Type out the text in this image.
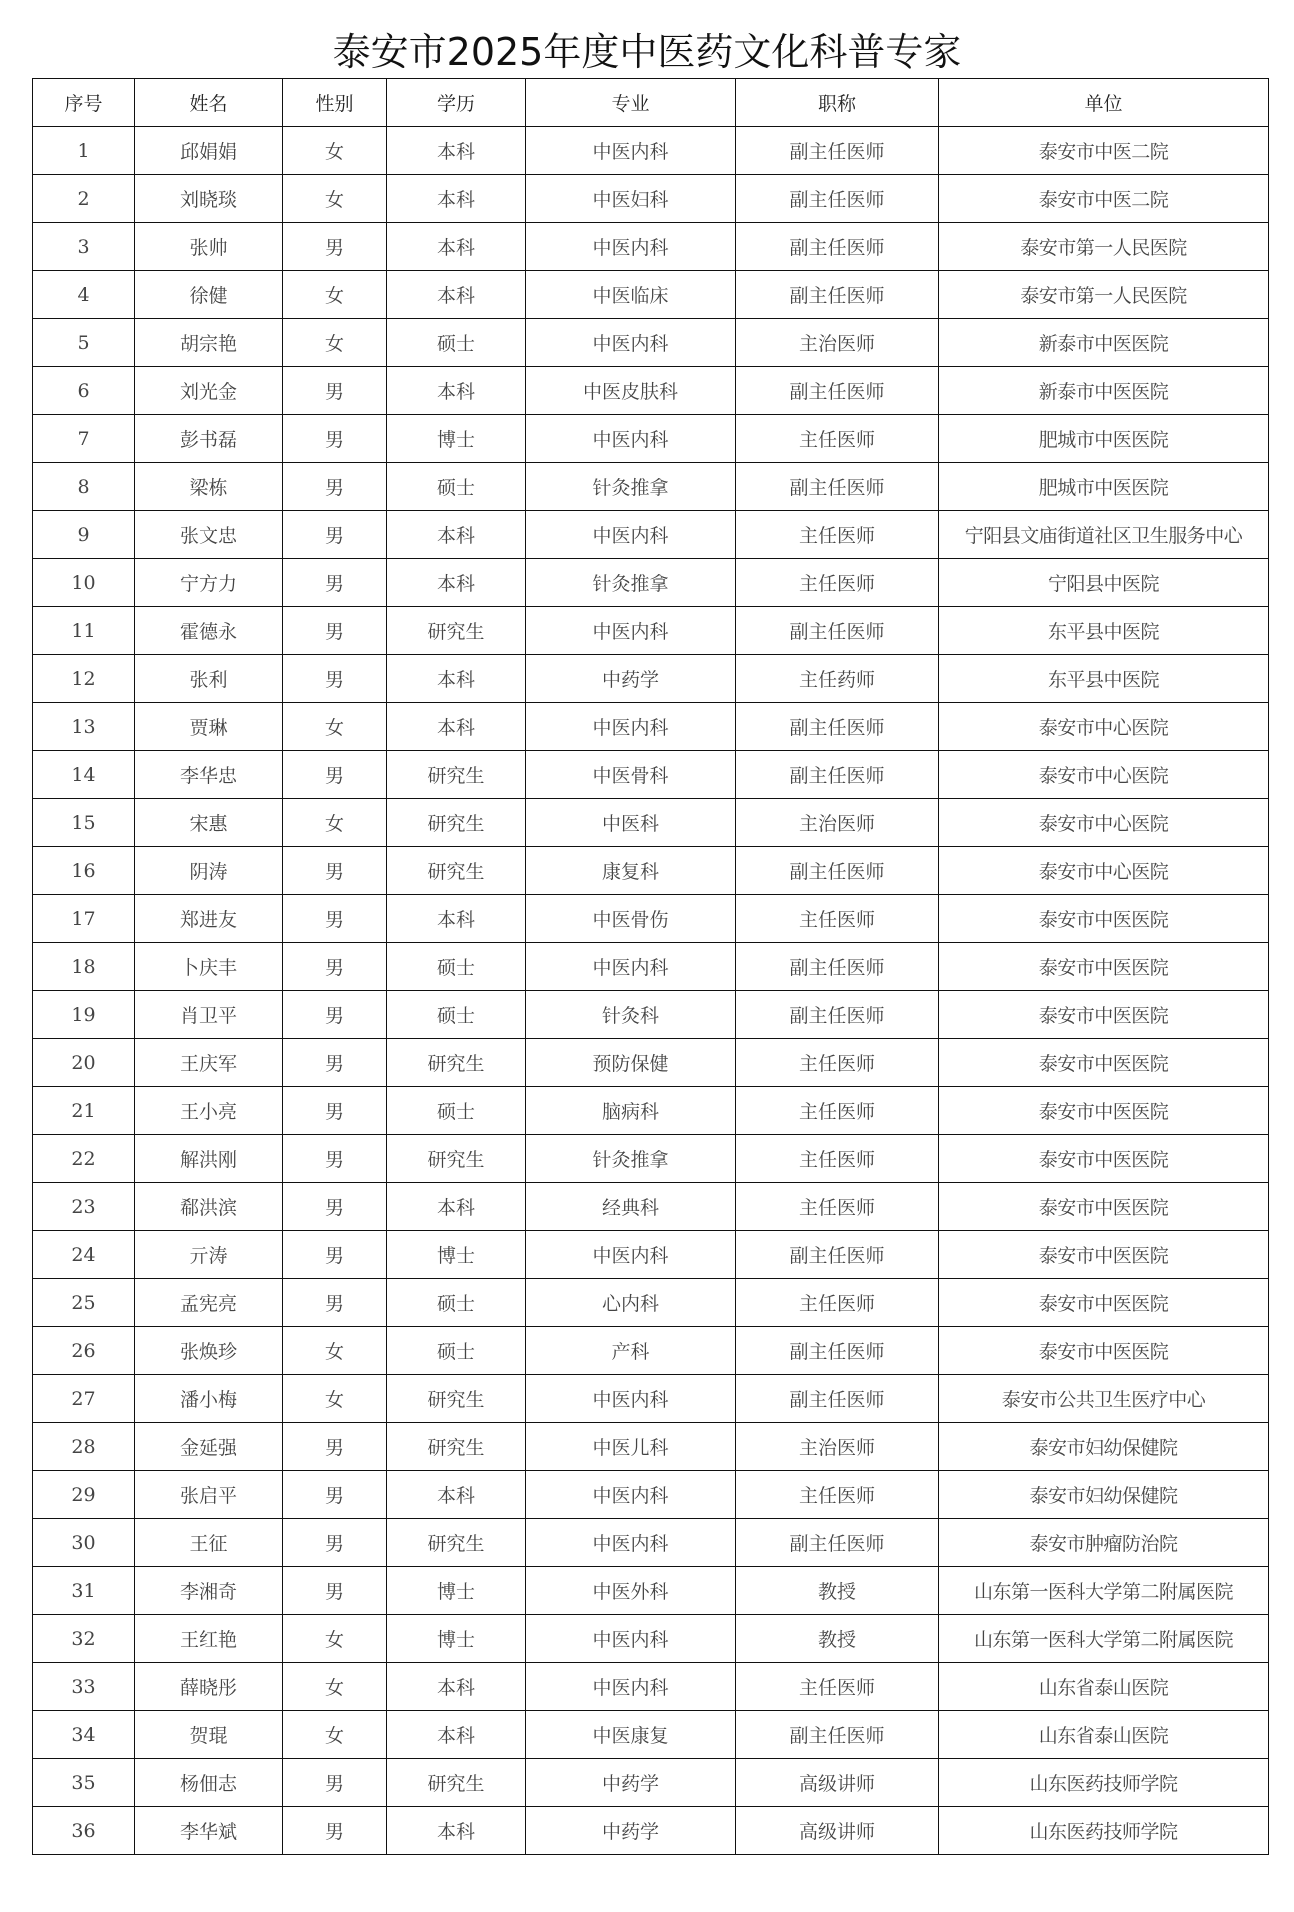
泰安市2025年度中医药文化科普专家
序号	姓名	性别	学历	专业	职称	单位
1	邱娟娟	女	本科	中医内科	副主任医师	泰安市中医二院
2	刘晓琰	女	本科	中医妇科	副主任医师	泰安市中医二院
3	张帅	男	本科	中医内科	副主任医师	泰安市第一人民医院
4	徐健	女	本科	中医临床	副主任医师	泰安市第一人民医院
5	胡宗艳	女	硕士	中医内科	主治医师	新泰市中医医院
6	刘光金	男	本科	中医皮肤科	副主任医师	新泰市中医医院
7	彭书磊	男	博士	中医内科	主任医师	肥城市中医医院
8	梁栋	男	硕士	针灸推拿	副主任医师	肥城市中医医院
9	张文忠	男	本科	中医内科	主任医师	宁阳县文庙街道社区卫生服务中心
10	宁方力	男	本科	针灸推拿	主任医师	宁阳县中医院
11	霍德永	男	研究生	中医内科	副主任医师	东平县中医院
12	张利	男	本科	中药学	主任药师	东平县中医院
13	贾琳	女	本科	中医内科	副主任医师	泰安市中心医院
14	李华忠	男	研究生	中医骨科	副主任医师	泰安市中心医院
15	宋惠	女	研究生	中医科	主治医师	泰安市中心医院
16	阴涛	男	研究生	康复科	副主任医师	泰安市中心医院
17	郑进友	男	本科	中医骨伤	主任医师	泰安市中医医院
18	卜庆丰	男	硕士	中医内科	副主任医师	泰安市中医医院
19	肖卫平	男	硕士	针灸科	副主任医师	泰安市中医医院
20	王庆军	男	研究生	预防保健	主任医师	泰安市中医医院
21	王小亮	男	硕士	脑病科	主任医师	泰安市中医医院
22	解洪刚	男	研究生	针灸推拿	主任医师	泰安市中医医院
23	郗洪滨	男	本科	经典科	主任医师	泰安市中医医院
24	亓涛	男	博士	中医内科	副主任医师	泰安市中医医院
25	孟宪亮	男	硕士	心内科	主任医师	泰安市中医医院
26	张焕珍	女	硕士	产科	副主任医师	泰安市中医医院
27	潘小梅	女	研究生	中医内科	副主任医师	泰安市公共卫生医疗中心
28	金延强	男	研究生	中医儿科	主治医师	泰安市妇幼保健院
29	张启平	男	本科	中医内科	主任医师	泰安市妇幼保健院
30	王征	男	研究生	中医内科	副主任医师	泰安市肿瘤防治院
31	李湘奇	男	博士	中医外科	教授	山东第一医科大学第二附属医院
32	王红艳	女	博士	中医内科	教授	山东第一医科大学第二附属医院
33	薛晓彤	女	本科	中医内科	主任医师	山东省泰山医院
34	贺琨	女	本科	中医康复	副主任医师	山东省泰山医院
35	杨佃志	男	研究生	中药学	高级讲师	山东医药技师学院
36	李华斌	男	本科	中药学	高级讲师	山东医药技师学院
